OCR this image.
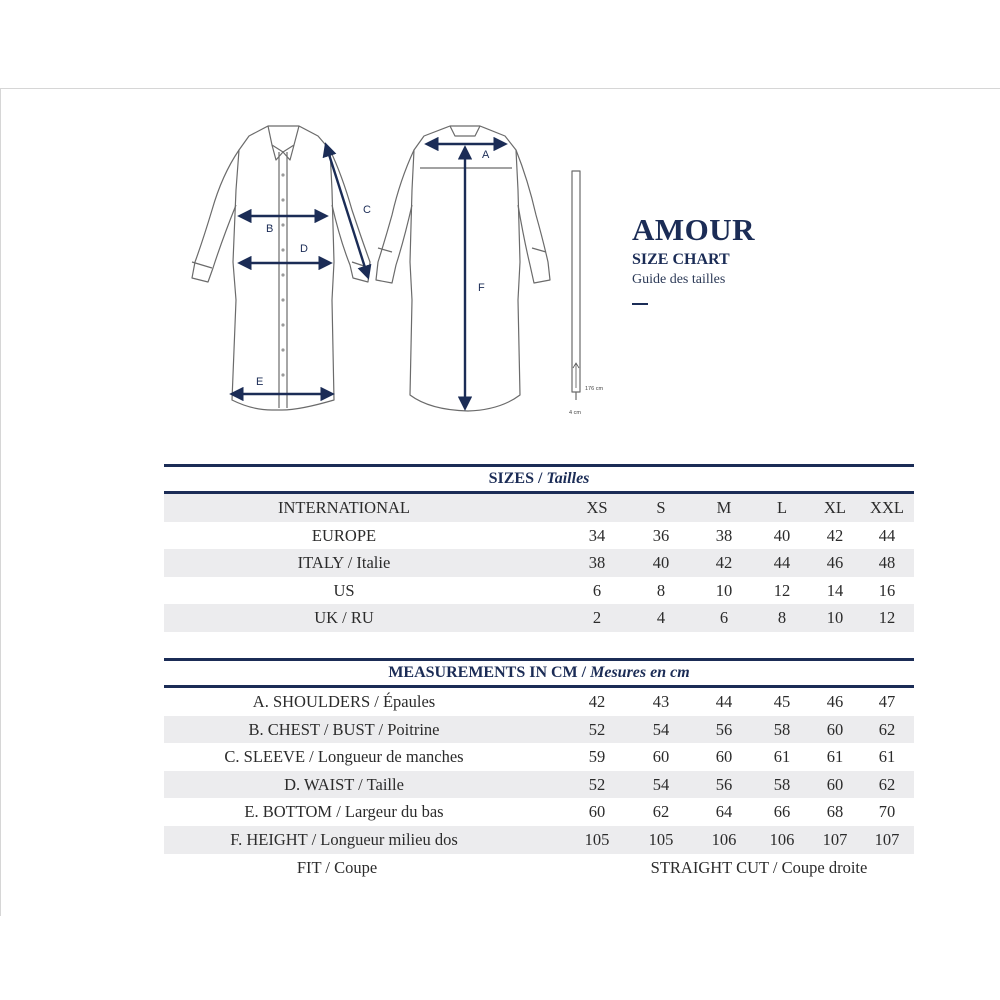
B
D
C
E
A
F
176 cm
4 cm
AMOUR
SIZE CHART
Guide des tailles
SIZES / Tailles
INTERNATIONAL	XS	S	M	L	XL	XXL
EUROPE	34	36	38	40	42	44
ITALY / Italie	38	40	42	44	46	48
US	6	8	10	12	14	16
UK / RU	2	4	6	8	10	12
MEASUREMENTS IN CM / Mesures en cm
A. SHOULDERS / Épaules	42	43	44	45	46	47
B. CHEST / BUST / Poitrine	52	54	56	58	60	62
C. SLEEVE / Longueur de manches	59	60	60	61	61	61
D. WAIST / Taille	52	54	56	58	60	62
E. BOTTOM / Largeur du bas	60	62	64	66	68	70
F. HEIGHT / Longueur milieu dos	105	105	106	106	107	107
FIT / Coupe	STRAIGHT CUT / Coupe droite
